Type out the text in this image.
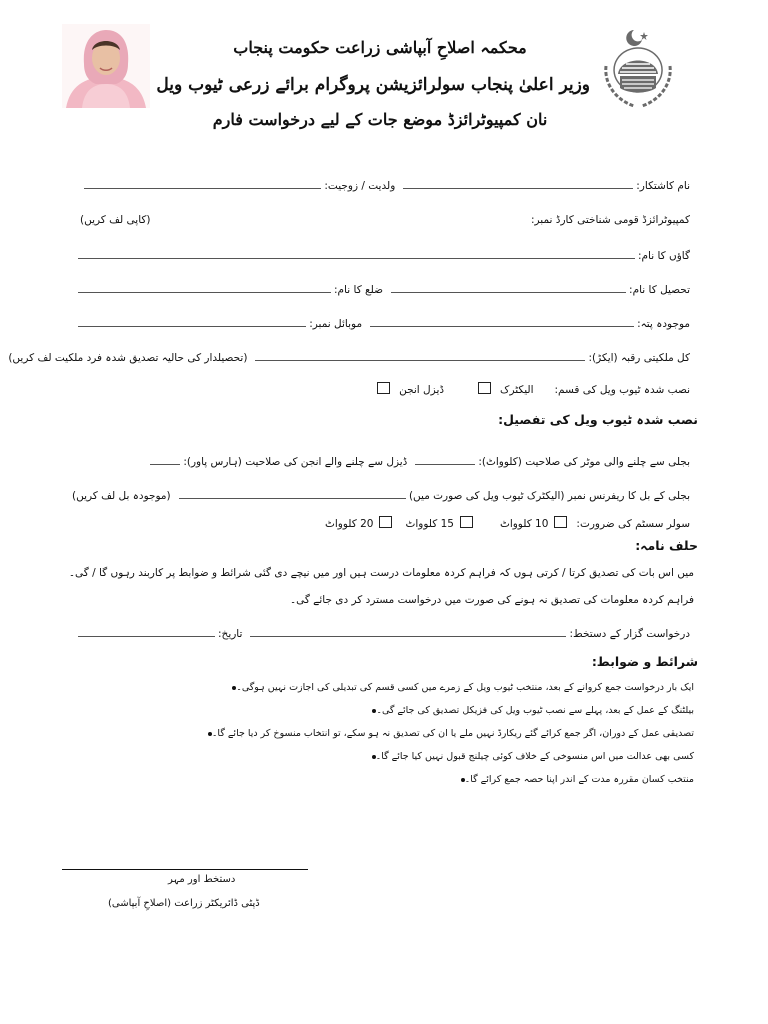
محکمہ اصلاحِ آبپاشی زراعت حکومت پنجاب
وزیر اعلیٰ پنجاب سولرائزیشن پروگرام برائے زرعی ٹیوب ویل
نان کمپیوٹرائزڈ موضع جات کے لیے درخواست فارم
نام کاشتکار:
ولدیت / زوجیت:
کمپیوٹرائزڈ قومی شناختی کارڈ نمبر:
(کاپی لف کریں)
گاؤں کا نام:
تحصیل کا نام:
ضلع کا نام:
موجودہ پتہ:
موبائل نمبر:
کل ملکیتی رقبہ (ایکڑ):
(تحصیلدار کی حالیہ تصدیق شدہ فرد ملکیت لف کریں)
نصب شدہ ٹیوب ویل کی قسم:
الیکٹرک
ڈیزل انجن
نصب شدہ ٹیوب ویل کی تفصیل:
بجلی سے چلنے والی موٹر کی صلاحیت (کلوواٹ):
ڈیزل سے چلنے والے انجن کی صلاحیت (ہارس پاور):
بجلی کے بل کا ریفرنس نمبر (الیکٹرک ٹیوب ویل کی صورت میں)
(موجودہ بل لف کریں)
سولر سسٹم کی ضرورت:
10 کلوواٹ
15 کلوواٹ
20 کلوواٹ
حلف نامہ:
میں اس بات کی تصدیق کرتا / کرتی ہوں کہ فراہم کردہ معلومات درست ہیں اور میں نیچے دی گئی شرائط و ضوابط پر کاربند رہوں گا / گی۔ فراہم کردہ معلومات کی تصدیق نہ ہونے کی صورت میں درخواست مسترد کر دی جائے گی۔
درخواست گزار کے دستخط:
تاریخ:
شرائط و ضوابط:
ایک بار درخواست جمع کروانے کے بعد، منتخب ٹیوب ویل کے زمرے میں کسی قسم کی تبدیلی کی اجازت نہیں ہوگی۔
بیلٹنگ کے عمل کے بعد، پہلے سے نصب ٹیوب ویل کی فزیکل تصدیق کی جائے گی۔
تصدیقی عمل کے دوران، اگر جمع کرائے گئے ریکارڈ نہیں ملے یا ان کی تصدیق نہ ہو سکے، تو انتخاب منسوخ کر دیا جائے گا۔
کسی بھی عدالت میں اس منسوخی کے خلاف کوئی چیلنج قبول نہیں کیا جائے گا۔
منتخب کسان مقررہ مدت کے اندر اپنا حصہ جمع کرائے گا۔
دستخط اور مہر
ڈپٹی ڈائریکٹر زراعت (اصلاحِ آبپاشی)
